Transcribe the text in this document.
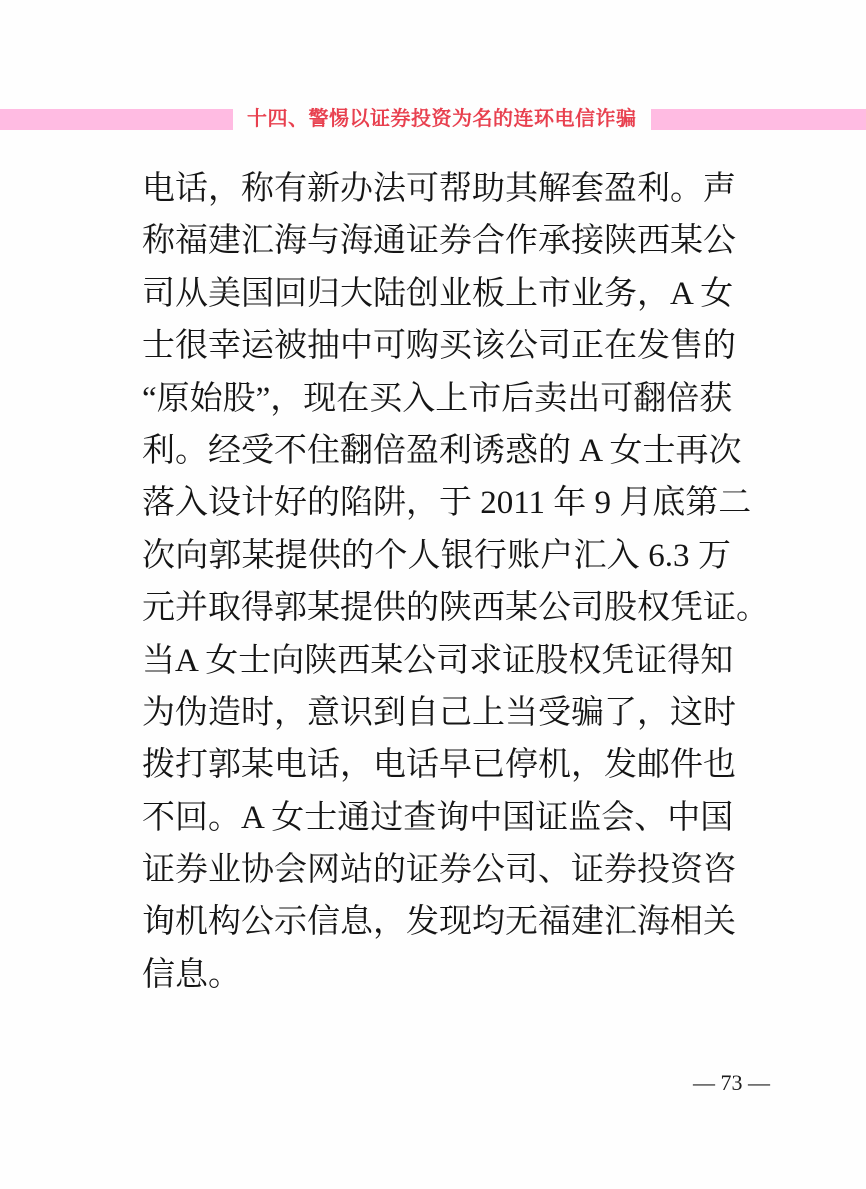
十四、警惕以证券投资为名的连环电信诈骗
电话，称有新办法可帮助其解套盈利。声
称福建汇海与海通证券合作承接陕西某公
司从美国回归大陆创业板上市业务，A 女
士很幸运被抽中可购买该公司正在发售的
“原始股”，现在买入上市后卖出可翻倍获
利。经受不住翻倍盈利诱惑的 A 女士再次
落入设计好的陷阱，于 2011 年 9 月底第二
次向郭某提供的个人银行账户汇入 6.3 万
元并取得郭某提供的陕西某公司股权凭证。
当A 女士向陕西某公司求证股权凭证得知
为伪造时，意识到自己上当受骗了，这时
拨打郭某电话，电话早已停机，发邮件也
不回。A 女士通过查询中国证监会、中国
证券业协会网站的证券公司、证券投资咨
询机构公示信息，发现均无福建汇海相关
信息。
— 73 —
